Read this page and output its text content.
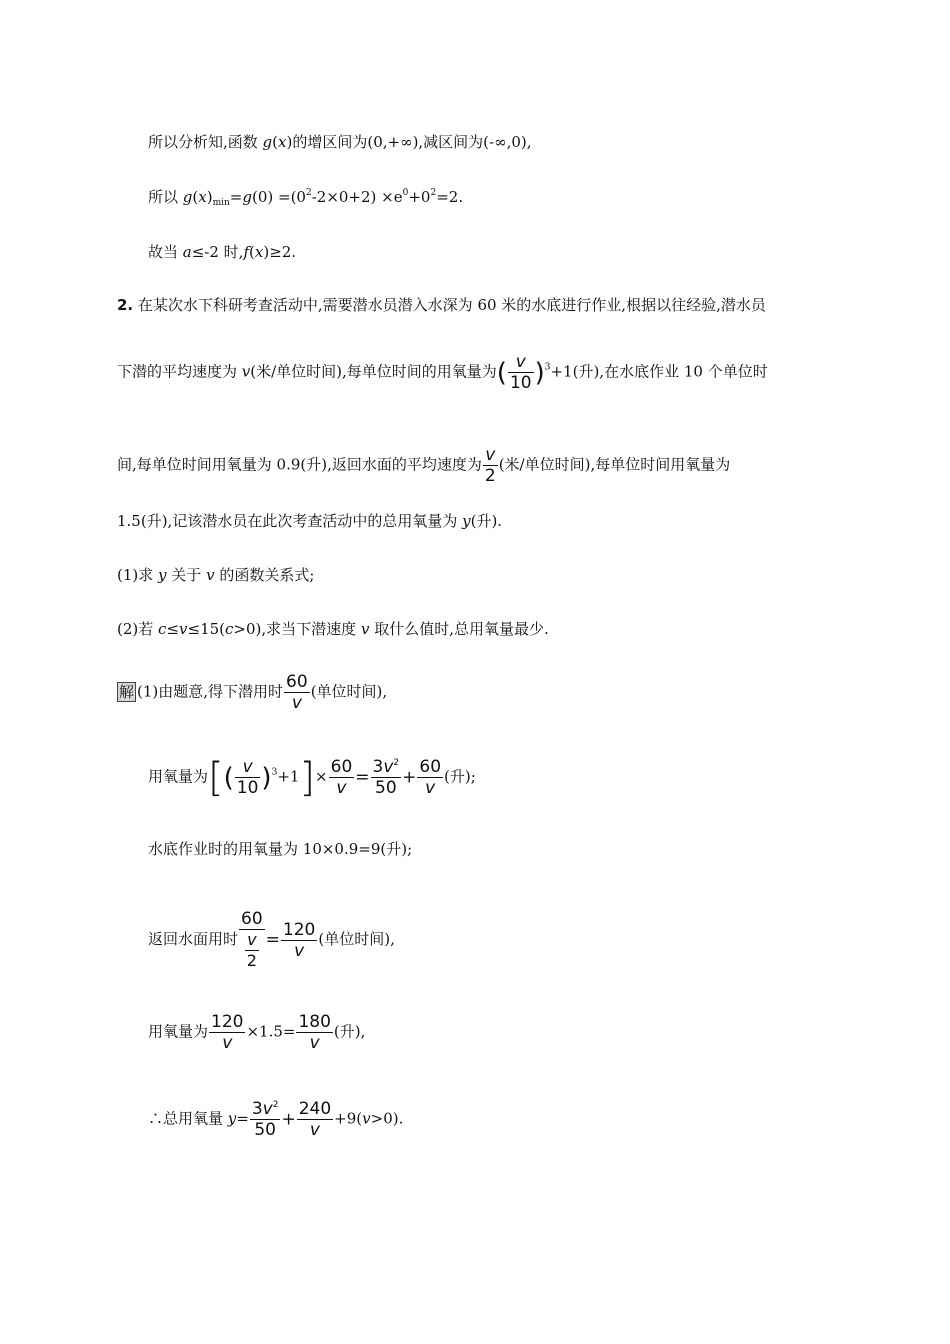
所以分析知,函数 g(x)的增区间为(0,+∞),减区间为(-∞,0),
所以 $g(x)_{min}=g(0) =(0^2-2\times 0+2) \times e^0+0^2=2$.
故当 a≤-2 时,f(x)≥2.
2. 在某次水下科研考查活动中,需要潜水员潜入水深为 60 米的水底进行作业,根据以往经验,潜水员
下潜的平均速度为 v(米/单位时间),每单位时间的用氧量为( $\frac{v}{10} )^3+1$(升),在水底作业 10 个单位时
间,每单位时间用氧量为 0.9(升),返回水面的平均速度为 $\frac{v}{2}$ (米/单位时间),每单位时间用氧量为
1.5(升),记该潜水员在此次考查活动中的总用氧量为 y(升).
(1)求 y 关于 v 的函数关系式;
(2)若 c≤v≤15(c>0),求当下潜速度 v 取什么值时,总用氧量最少.
解 (1)由题意,得下潜用时 $\frac{60}{v}$ (单位时间),
用氧量为[( $\frac{v}{10} )^3+1]\times \frac{60}{v} = \frac{3v^2}{50} + \frac{60}{v}$ (升);
水底作业时的用氧量为 10×0.9=9(升);
返回水面用时 $\frac{60}{\frac{v}{2}} = \frac{120}{v}$ (单位时间),
用氧量为 $\frac{120}{v} \times 1.5= \frac{180}{v}$ (升),
∴总用氧量 $y= \frac{3v^2}{50} + \frac{240}{v} +9(v>0)$.
